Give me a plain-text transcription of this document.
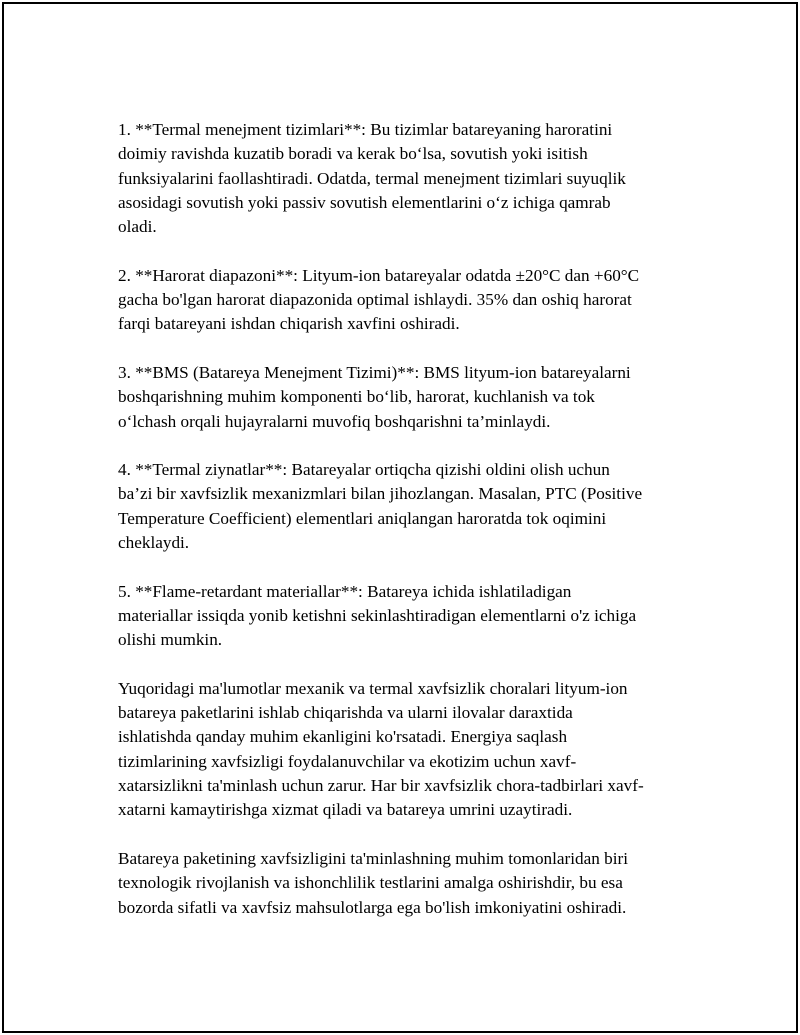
1. **Termal menejment tizimlari**: Bu tizimlar batareyaning haroratini
doimiy ravishda kuzatib boradi va kerak bo‘lsa, sovutish yoki isitish
funksiyalarini faollashtiradi. Odatda, termal menejment tizimlari suyuqlik
asosidagi sovutish yoki passiv sovutish elementlarini o‘z ichiga qamrab
oladi.

2. **Harorat diapazoni**: Lityum-ion batareyalar odatda ±20°C dan +60°C
gacha bo'lgan harorat diapazonida optimal ishlaydi. 35% dan oshiq harorat
farqi batareyani ishdan chiqarish xavfini oshiradi.

3. **BMS (Batareya Menejment Tizimi)**: BMS lityum-ion batareyalarni
boshqarishning muhim komponenti bo‘lib, harorat, kuchlanish va tok
o‘lchash orqali hujayralarni muvofiq boshqarishni ta’minlaydi.

4. **Termal ziynatlar**: Batareyalar ortiqcha qizishi oldini olish uchun
ba’zi bir xavfsizlik mexanizmlari bilan jihozlangan. Masalan, PTC (Positive
Temperature Coefficient) elementlari aniqlangan haroratda tok oqimini
cheklaydi.

5. **Flame-retardant materiallar**: Batareya ichida ishlatiladigan
materiallar issiqda yonib ketishni sekinlashtiradigan elementlarni o'z ichiga
olishi mumkin.

Yuqoridagi ma'lumotlar mexanik va termal xavfsizlik choralari lityum-ion
batareya paketlarini ishlab chiqarishda va ularni ilovalar daraxtida
ishlatishda qanday muhim ekanligini ko'rsatadi. Energiya saqlash
tizimlarining xavfsizligi foydalanuvchilar va ekotizim uchun xavf-
xatarsizlikni ta'minlash uchun zarur. Har bir xavfsizlik chora-tadbirlari xavf-
xatarni kamaytirishga xizmat qiladi va batareya umrini uzaytiradi.

Batareya paketining xavfsizligini ta'minlashning muhim tomonlaridan biri
texnologik rivojlanish va ishonchlilik testlarini amalga oshirishdir, bu esa
bozorda sifatli va xavfsiz mahsulotlarga ega bo'lish imkoniyatini oshiradi.
